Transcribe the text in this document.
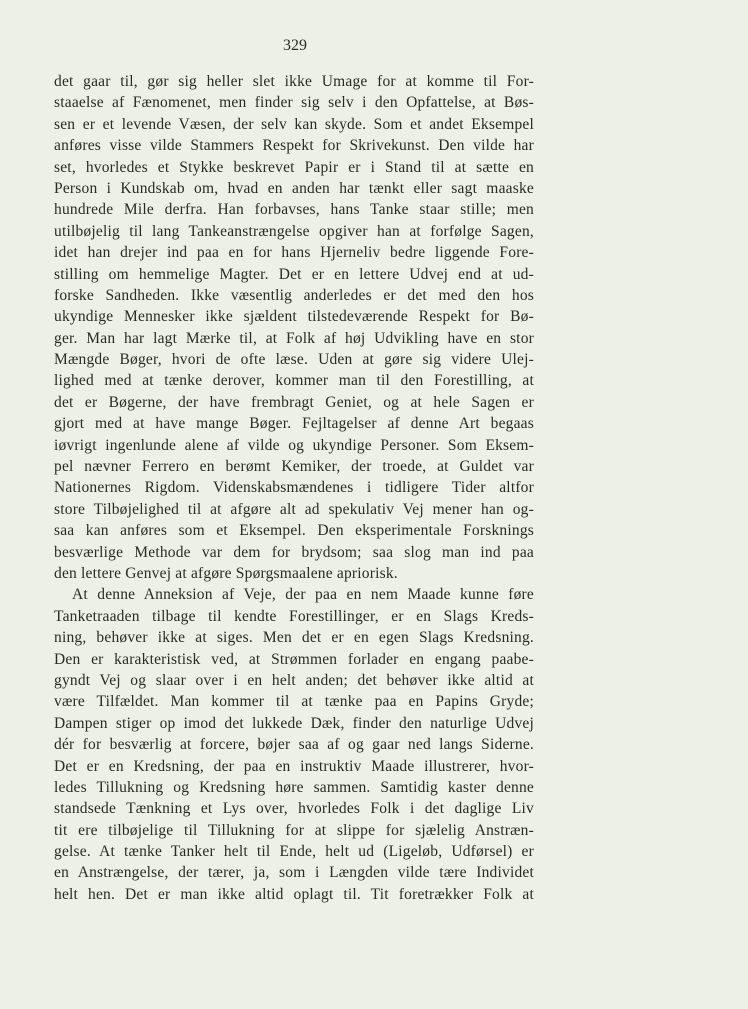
329
det gaar til, gør sig heller slet ikke Umage for at komme til For-
staaelse af Fænomenet, men finder sig selv i den Opfattelse, at Bøs-
sen er et levende Væsen, der selv kan skyde. Som et andet Eksempel
anføres visse vilde Stammers Respekt for Skrivekunst. Den vilde har
set, hvorledes et Stykke beskrevet Papir er i Stand til at sætte en
Person i Kundskab om, hvad en anden har tænkt eller sagt maaske
hundrede Mile derfra. Han forbavses, hans Tanke staar stille; men
utilbøjelig til lang Tankeanstrængelse opgiver han at forfølge Sagen,
idet han drejer ind paa en for hans Hjerneliv bedre liggende Fore-
stilling om hemmelige Magter. Det er en lettere Udvej end at ud-
forske Sandheden. Ikke væsentlig anderledes er det med den hos
ukyndige Mennesker ikke sjældent tilstedeværende Respekt for Bø-
ger. Man har lagt Mærke til, at Folk af høj Udvikling have en stor
Mængde Bøger, hvori de ofte læse. Uden at gøre sig videre Ulej-
lighed med at tænke derover, kommer man til den Forestilling, at
det er Bøgerne, der have frembragt Geniet, og at hele Sagen er
gjort med at have mange Bøger. Fejltagelser af denne Art begaas
iøvrigt ingenlunde alene af vilde og ukyndige Personer. Som Eksem-
pel nævner Ferrero en berømt Kemiker, der troede, at Guldet var
Nationernes Rigdom. Videnskabsmændenes i tidligere Tider altfor
store Tilbøjelighed til at afgøre alt ad spekulativ Vej mener han og-
saa kan anføres som et Eksempel. Den eksperimentale Forsknings
besværlige Methode var dem for brydsom; saa slog man ind paa
den lettere Genvej at afgøre Spørgsmaalene apriorisk.
At denne Anneksion af Veje, der paa en nem Maade kunne føre
Tanketraaden tilbage til kendte Forestillinger, er en Slags Kreds-
ning, behøver ikke at siges. Men det er en egen Slags Kredsning.
Den er karakteristisk ved, at Strømmen forlader en engang paabe-
gyndt Vej og slaar over i en helt anden; det behøver ikke altid at
være Tilfældet. Man kommer til at tænke paa en Papins Gryde;
Dampen stiger op imod det lukkede Dæk, finder den naturlige Udvej
dér for besværlig at forcere, bøjer saa af og gaar ned langs Siderne.
Det er en Kredsning, der paa en instruktiv Maade illustrerer, hvor-
ledes Tillukning og Kredsning høre sammen. Samtidig kaster denne
standsede Tænkning et Lys over, hvorledes Folk i det daglige Liv
tit ere tilbøjelige til Tillukning for at slippe for sjælelig Anstræn-
gelse. At tænke Tanker helt til Ende, helt ud (Ligeløb, Udførsel) er
en Anstrængelse, der tærer, ja, som i Længden vilde tære Individet
helt hen. Det er man ikke altid oplagt til. Tit foretrækker Folk at
